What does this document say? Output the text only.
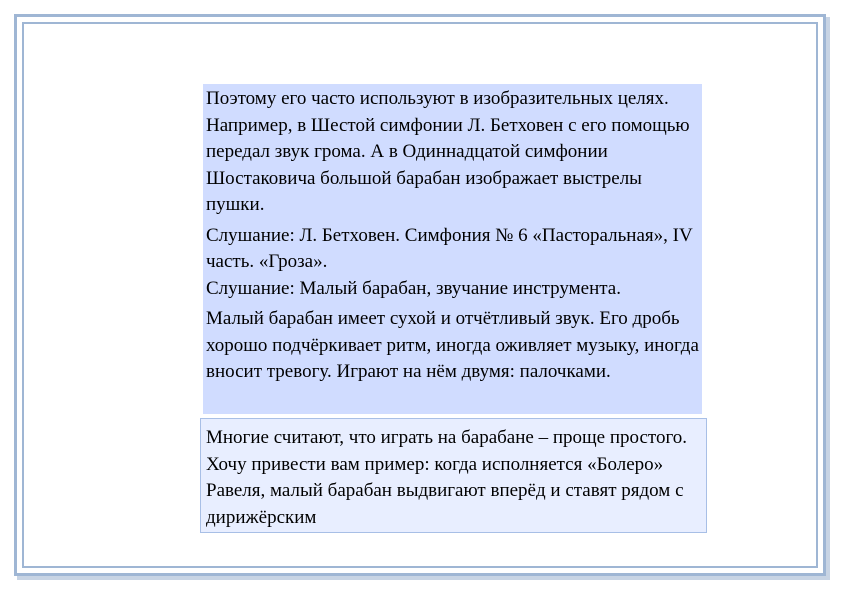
Поэтому его часто используют в изобразительных целях. Например, в Шестой симфонии Л. Бетховен с его помощью передал звук грома. А в Одиннадцатой симфонии Шостаковича большой барабан изображает выстрелы пушки.

Слушание: Л. Бетховен. Симфония № 6 «Пасторальная», IV часть. «Гроза».

Слушание: Малый барабан, звучание инструмента.

Малый барабан имеет сухой и отчётливый звук. Его дробь хорошо подчёркивает ритм, иногда оживляет музыку, иногда вносит тревогу. Играют на нём двумя: палочками.

Многие считают, что играть на барабане – проще простого. Хочу привести вам пример: когда исполняется «Болеро» Равеля, малый барабан выдвигают вперёд и ставят рядом с дирижёрским
